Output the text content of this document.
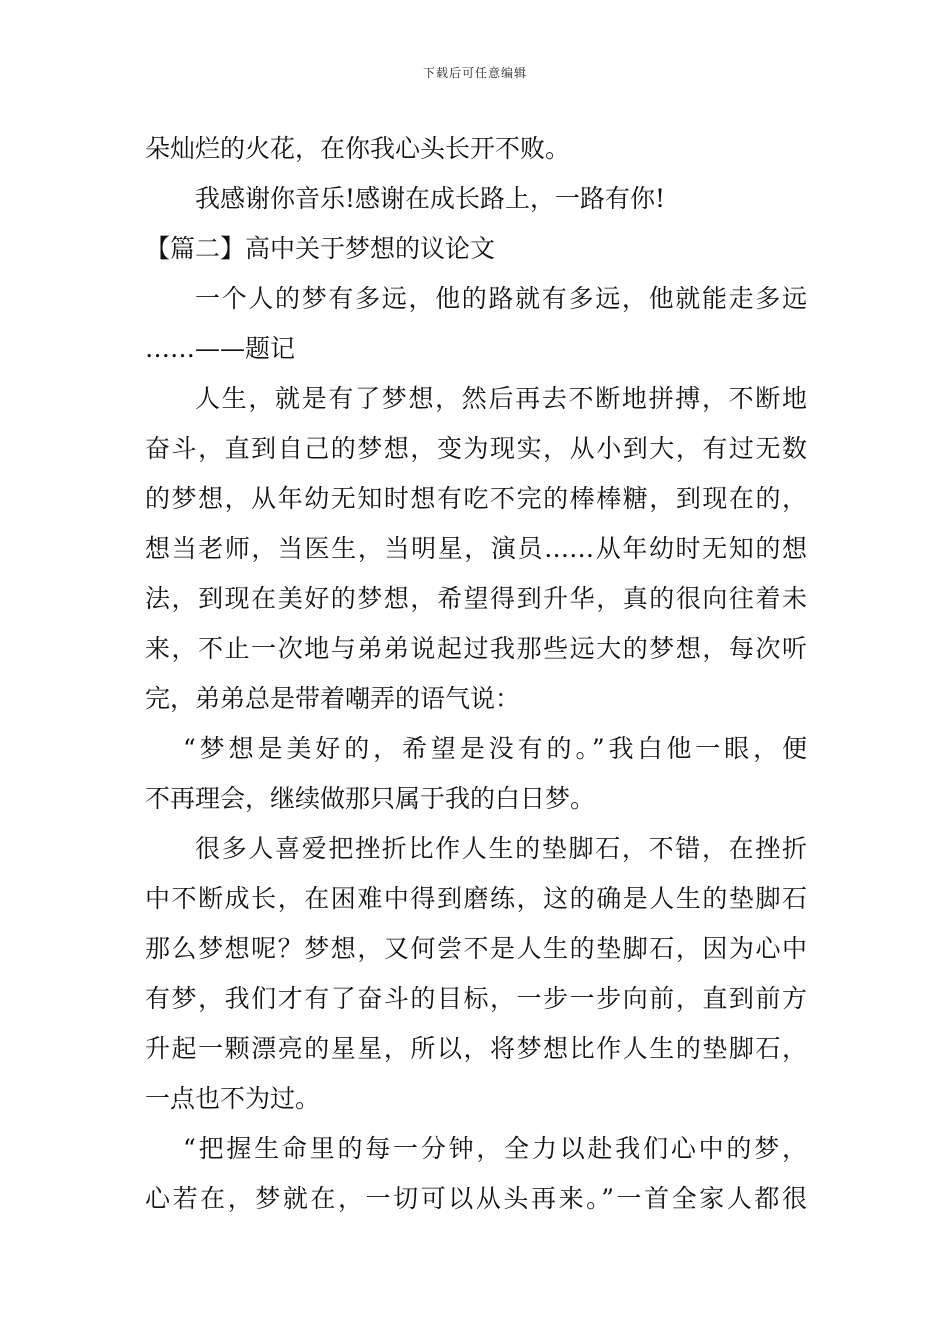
下载后可任意编辑
朵灿烂的火花，在你我心头长开不败。
我感谢你音乐!感谢在成长路上，一路有你!
【篇二】高中关于梦想的议论文
一个人的梦有多远，他的路就有多远，他就能走多远
……——题记
人生，就是有了梦想，然后再去不断地拼搏，不断地
奋斗，直到自己的梦想，变为现实，从小到大，有过无数
的梦想，从年幼无知时想有吃不完的棒棒糖，到现在的，
想当老师，当医生，当明星，演员……从年幼时无知的想
法，到现在美好的梦想，希望得到升华，真的很向往着未
来，不止一次地与弟弟说起过我那些远大的梦想，每次听
完，弟弟总是带着嘲弄的语气说：
“梦想是美好的，希望是没有的。”我白他一眼，便
不再理会，继续做那只属于我的白日梦。
很多人喜爱把挫折比作人生的垫脚石，不错，在挫折
中不断成长，在困难中得到磨练，这的确是人生的垫脚石
那么梦想呢？梦想，又何尝不是人生的垫脚石，因为心中
有梦，我们才有了奋斗的目标，一步一步向前，直到前方
升起一颗漂亮的星星，所以，将梦想比作人生的垫脚石，
一点也不为过。
“把握生命里的每一分钟，全力以赴我们心中的梦，
心若在，梦就在，一切可以从头再来。”一首全家人都很
